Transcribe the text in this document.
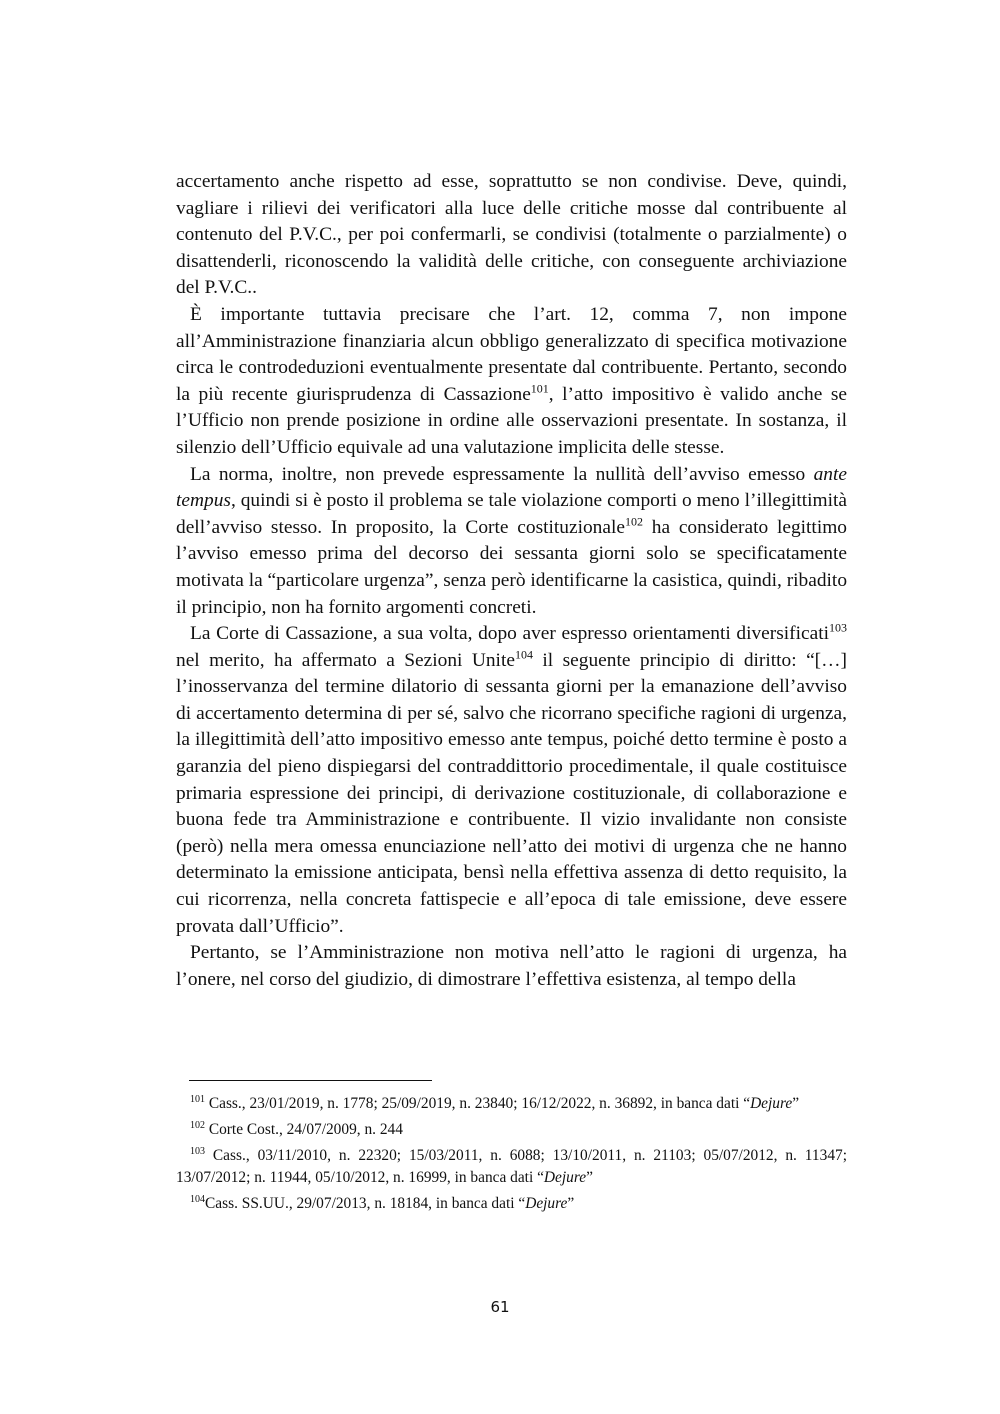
accertamento anche rispetto ad esse, soprattutto se non condivise. Deve, quindi, vagliare i rilievi dei verificatori alla luce delle critiche mosse dal contribuente al contenuto del P.V.C., per poi confermarli, se condivisi (totalmente o parzialmente) o disattenderli, riconoscendo la validità delle critiche, con conseguente archiviazione del P.V.C..

È importante tuttavia precisare che l’art. 12, comma 7, non impone all’Amministrazione finanziaria alcun obbligo generalizzato di specifica motivazione circa le controdeduzioni eventualmente presentate dal contribuente. Pertanto, secondo la più recente giurisprudenza di Cassazione$^{101}$, l’atto impositivo è valido anche se l’Ufficio non prende posizione in ordine alle osservazioni presentate. In sostanza, il silenzio dell’Ufficio equivale ad una valutazione implicita delle stesse.

La norma, inoltre, non prevede espressamente la nullità dell’avviso emesso ante tempus, quindi si è posto il problema se tale violazione comporti o meno l’illegittimità dell’avviso stesso. In proposito, la Corte costituzionale$^{102}$ ha considerato legittimo l’avviso emesso prima del decorso dei sessanta giorni solo se specificatamente motivata la “particolare urgenza”, senza però identificarne la casistica, quindi, ribadito il principio, non ha fornito argomenti concreti.

La Corte di Cassazione, a sua volta, dopo aver espresso orientamenti diversificati$^{103}$ nel merito, ha affermato a Sezioni Unite$^{104}$ il seguente principio di diritto: “[…] l’inosservanza del termine dilatorio di sessanta giorni per la emanazione dell’avviso di accertamento determina di per sé, salvo che ricorrano specifiche ragioni di urgenza, la illegittimità dell’atto impositivo emesso ante tempus, poiché detto termine è posto a garanzia del pieno dispiegarsi del contraddittorio procedimentale, il quale costituisce primaria espressione dei principi, di derivazione costituzionale, di collaborazione e buona fede tra Amministrazione e contribuente. Il vizio invalidante non consiste (però) nella mera omessa enunciazione nell’atto dei motivi di urgenza che ne hanno determinato la emissione anticipata, bensì nella effettiva assenza di detto requisito, la cui ricorrenza, nella concreta fattispecie e all’epoca di tale emissione, deve essere provata dall’Ufficio”.

Pertanto, se l’Amministrazione non motiva nell’atto le ragioni di urgenza, ha l’onere, nel corso del giudizio, di dimostrare l’effettiva esistenza, al tempo della

$^{101}$ Cass., 23/01/2019, n. 1778; 25/09/2019, n. 23840; 16/12/2022, n. 36892, in banca dati “Dejure”

$^{102}$ Corte Cost., 24/07/2009, n. 244

$^{103}$ Cass., 03/11/2010, n. 22320; 15/03/2011, n. 6088; 13/10/2011, n. 21103; 05/07/2012, n. 11347; 13/07/2012; n. 11944, 05/10/2012, n. 16999, in banca dati “Dejure”

$^{104}$Cass. SS.UU., 29/07/2013, n. 18184, in banca dati “Dejure”

61
